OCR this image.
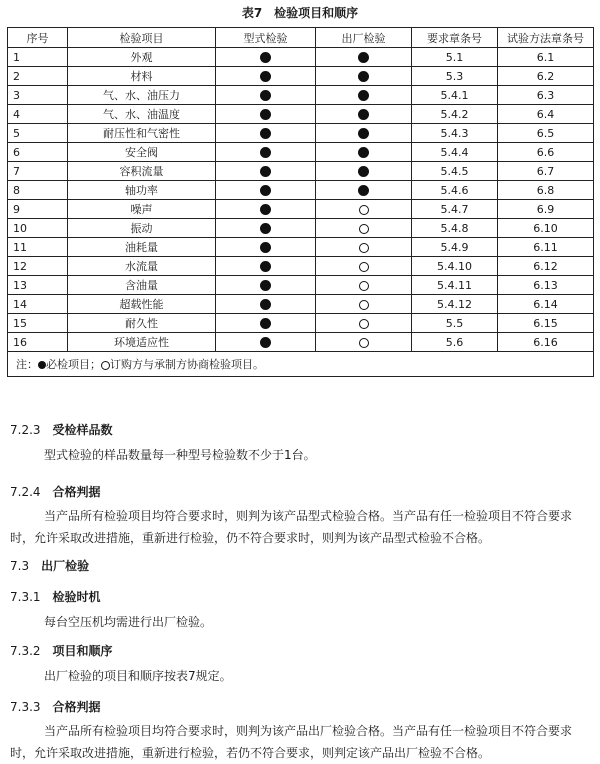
表7　检验项目和顺序
序号	检验项目	型式检验	出厂检验	要求章条号	试验方法章条号
1	外观			5.1	6.1
2	材料			5.3	6.2
3	气、水、油压力			5.4.1	6.3
4	气、水、油温度			5.4.2	6.4
5	耐压性和气密性			5.4.3	6.5
6	安全阀			5.4.4	6.6
7	容积流量			5.4.5	6.7
8	轴功率			5.4.6	6.8
9	噪声			5.4.7	6.9
10	振动			5.4.8	6.10
11	油耗量			5.4.9	6.11
12	水流量			5.4.10	6.12
13	含油量			5.4.11	6.13
14	超载性能			5.4.12	6.14
15	耐久性			5.5	6.15
16	环境适应性			5.6	6.16
注： 必检项目； 订购方与承制方协商检验项目。					
7.2.3 受检样品数
型式检验的样品数量每一种型号检验数不少于1台。
7.2.4 合格判据
当产品所有检验项目均符合要求时，则判为该产品型式检验合格。当产品有任一检验项目不符合要求时，允许采取改进措施，重新进行检验，仍不符合要求时，则判为该产品型式检验不合格。
7.3 出厂检验
7.3.1 检验时机
每台空压机均需进行出厂检验。
7.3.2 项目和顺序
出厂检验的项目和顺序按表7规定。
7.3.3 合格判据
当产品所有检验项目均符合要求时，则判为该产品出厂检验合格。当产品有任一检验项目不符合要求时，允许采取改进措施，重新进行检验，若仍不符合要求，则判定该产品出厂检验不合格。
